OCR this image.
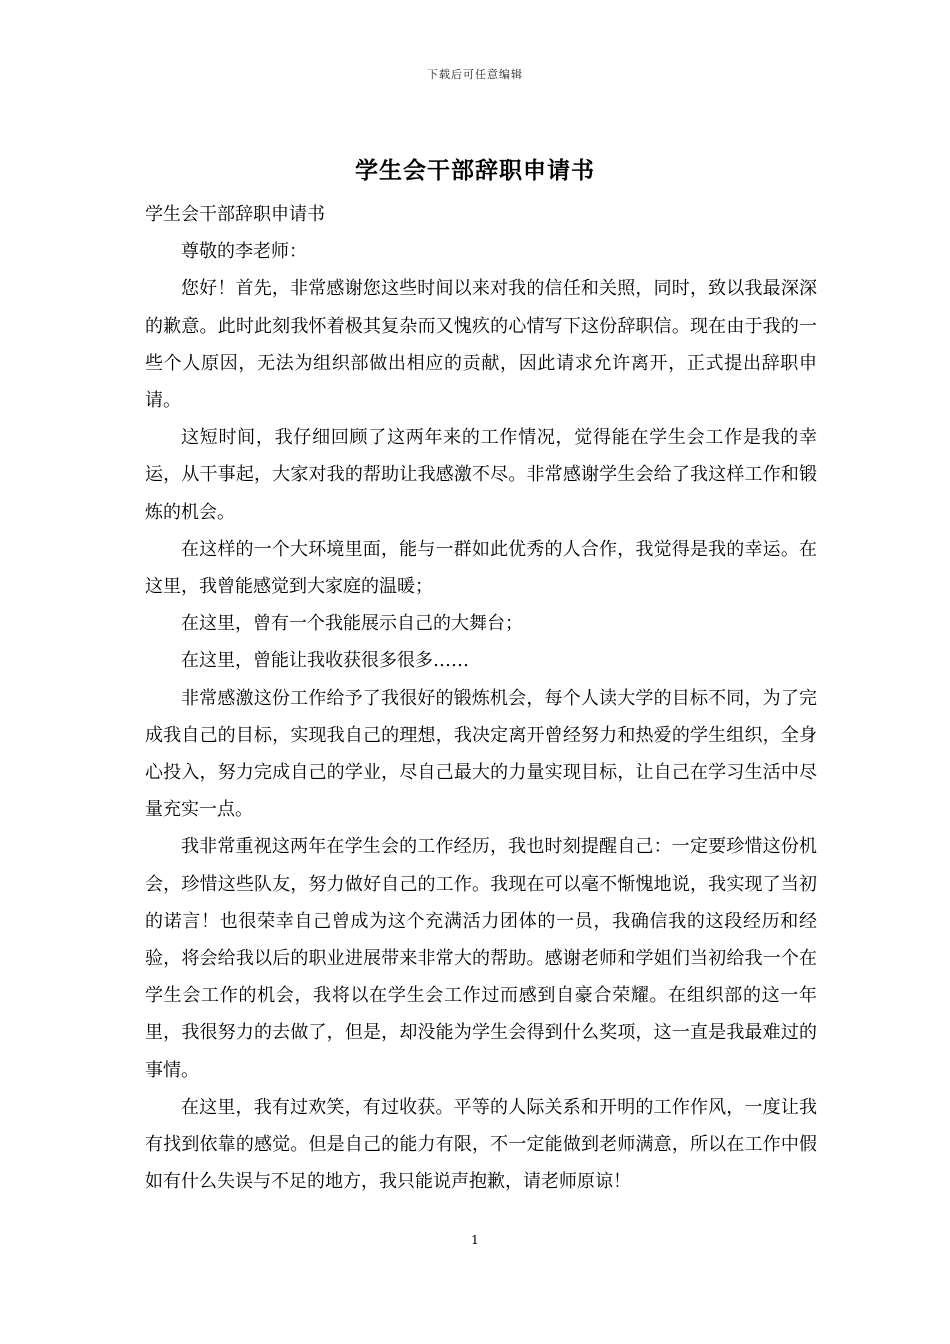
下载后可任意编辑
学生会干部辞职申请书

学生会干部辞职申请书

尊敬的李老师：

您好！首先，非常感谢您这些时间以来对我的信任和关照，同时，致以我最深深的歉意。此时此刻我怀着极其复杂而又愧疚的心情写下这份辞职信。现在由于我的一些个人原因，无法为组织部做出相应的贡献，因此请求允许离开，正式提出辞职申请。

这短时间，我仔细回顾了这两年来的工作情况，觉得能在学生会工作是我的幸运，从干事起，大家对我的帮助让我感激不尽。非常感谢学生会给了我这样工作和锻炼的机会。

在这样的一个大环境里面，能与一群如此优秀的人合作，我觉得是我的幸运。在这里，我曾能感觉到大家庭的温暖；

在这里，曾有一个我能展示自己的大舞台；

在这里，曾能让我收获很多很多……

非常感激这份工作给予了我很好的锻炼机会，每个人读大学的目标不同，为了完成我自己的目标，实现我自己的理想，我决定离开曾经努力和热爱的学生组织，全身心投入，努力完成自己的学业，尽自己最大的力量实现目标，让自己在学习生活中尽量充实一点。

我非常重视这两年在学生会的工作经历，我也时刻提醒自己：一定要珍惜这份机会，珍惜这些队友，努力做好自己的工作。我现在可以毫不惭愧地说，我实现了当初的诺言！也很荣幸自己曾成为这个充满活力团体的一员，我确信我的这段经历和经验，将会给我以后的职业进展带来非常大的帮助。感谢老师和学姐们当初给我一个在学生会工作的机会，我将以在学生会工作过而感到自豪合荣耀。在组织部的这一年里，我很努力的去做了，但是，却没能为学生会得到什么奖项，这一直是我最难过的事情。

在这里，我有过欢笑，有过收获。平等的人际关系和开明的工作作风，一度让我有找到依靠的感觉。但是自己的能力有限，不一定能做到老师满意，所以在工作中假如有什么失误与不足的地方，我只能说声抱歉，请老师原谅！

1
